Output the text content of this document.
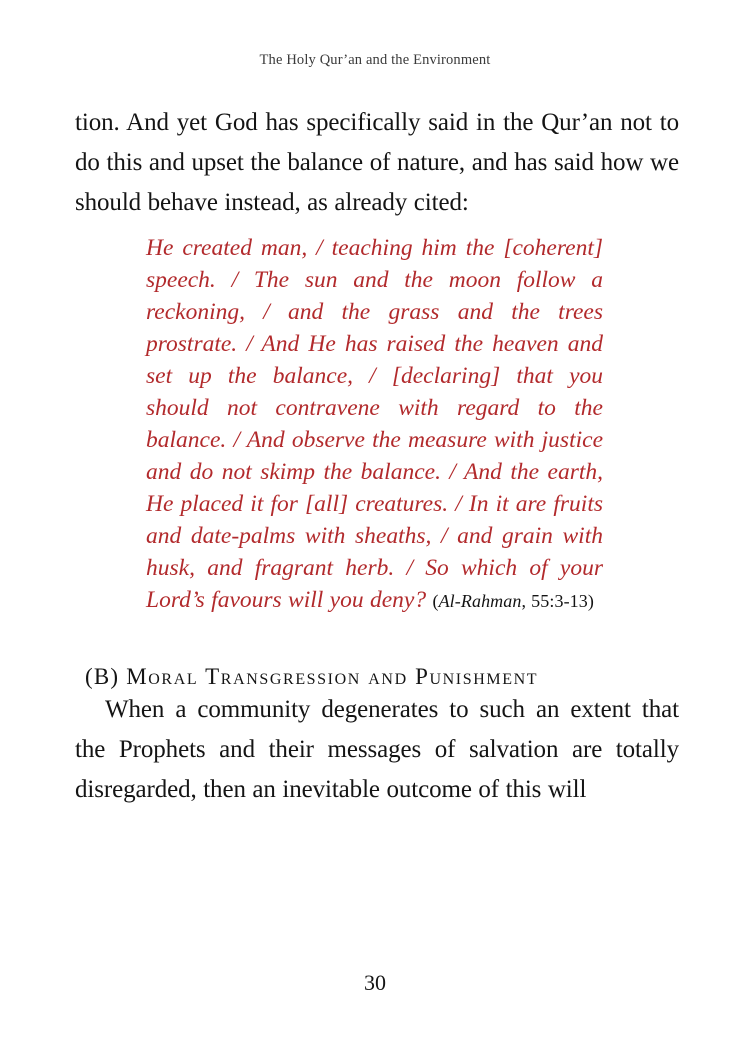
The Holy Qur’an and the Environment

tion. And yet God has specifically said in the Qur’an not to do this and upset the balance of nature, and has said how we should behave instead, as already cited:

He created man, / teaching him the [coherent] speech. / The sun and the moon follow a reckoning, / and the grass and the trees prostrate. / And He has raised the heaven and set up the balance, / [declaring] that you should not contravene with regard to the balance. / And observe the measure with justice and do not skimp the balance. / And the earth, He placed it for [all] creatures. / In it are fruits and date-palms with sheaths, / and grain with husk, and fragrant herb. / So which of your Lord’s favours will you deny? (Al-Rahman, 55:3-13)
(B) Moral Transgression and Punishment

When a community degenerates to such an extent that the Prophets and their messages of salvation are totally disregarded, then an inevitable outcome of this will

30
